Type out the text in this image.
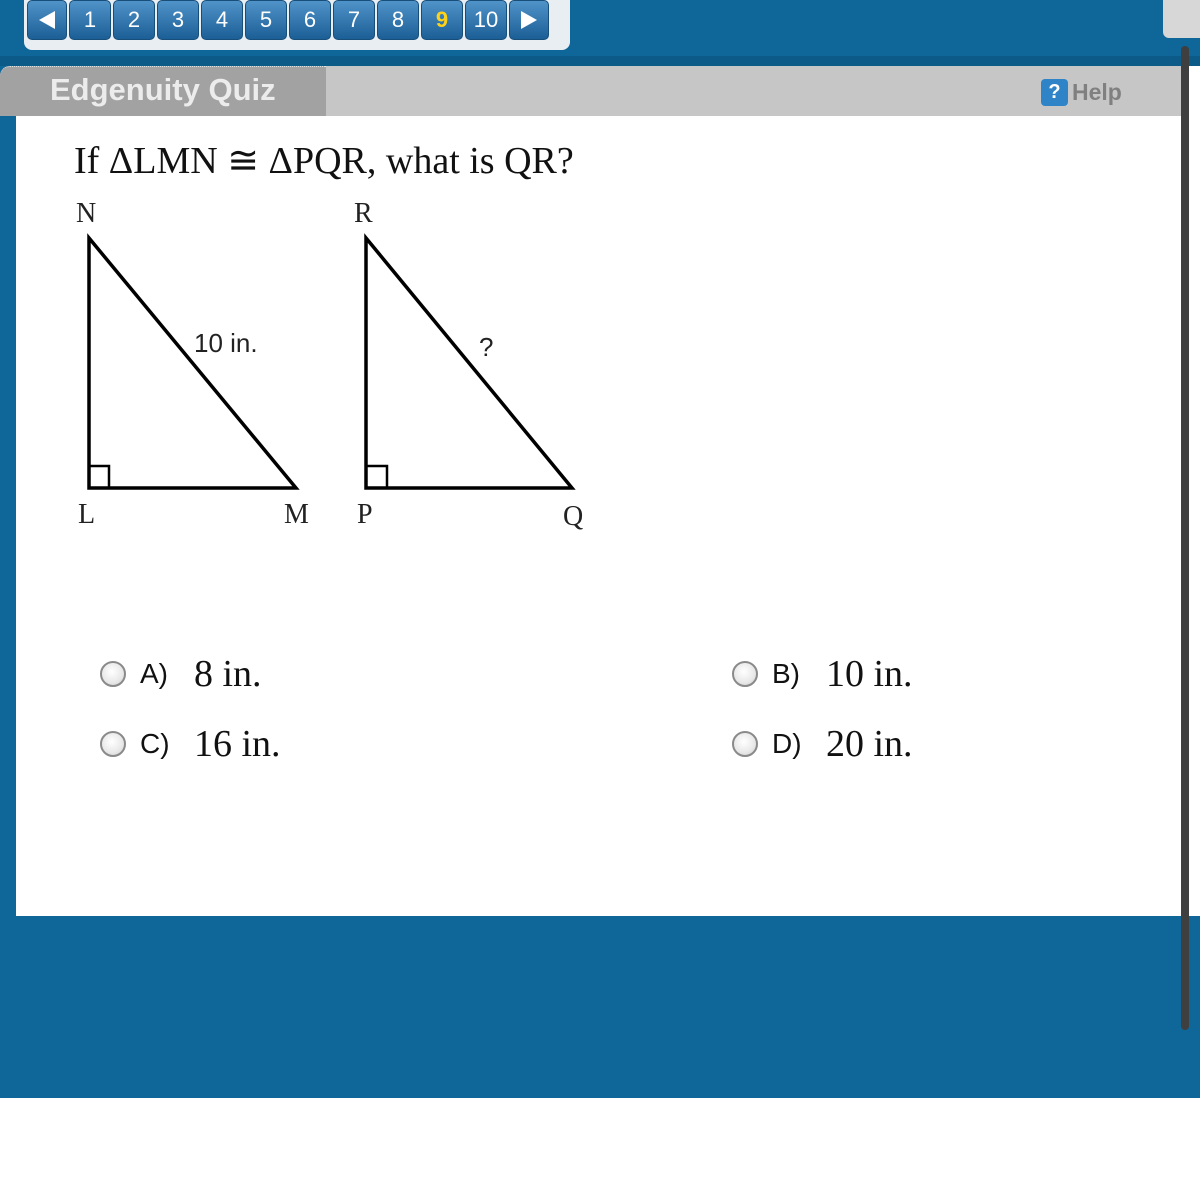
1	2	3	4	5	6	7	8	9	10
Edgenuity Quiz	? Help
If ΔLMN ≅ ΔPQR, what is QR?
N
L	M
10 in.
R
P	Q
?
A) 8 in.	B) 10 in.
C) 16 in.	D) 20 in.
